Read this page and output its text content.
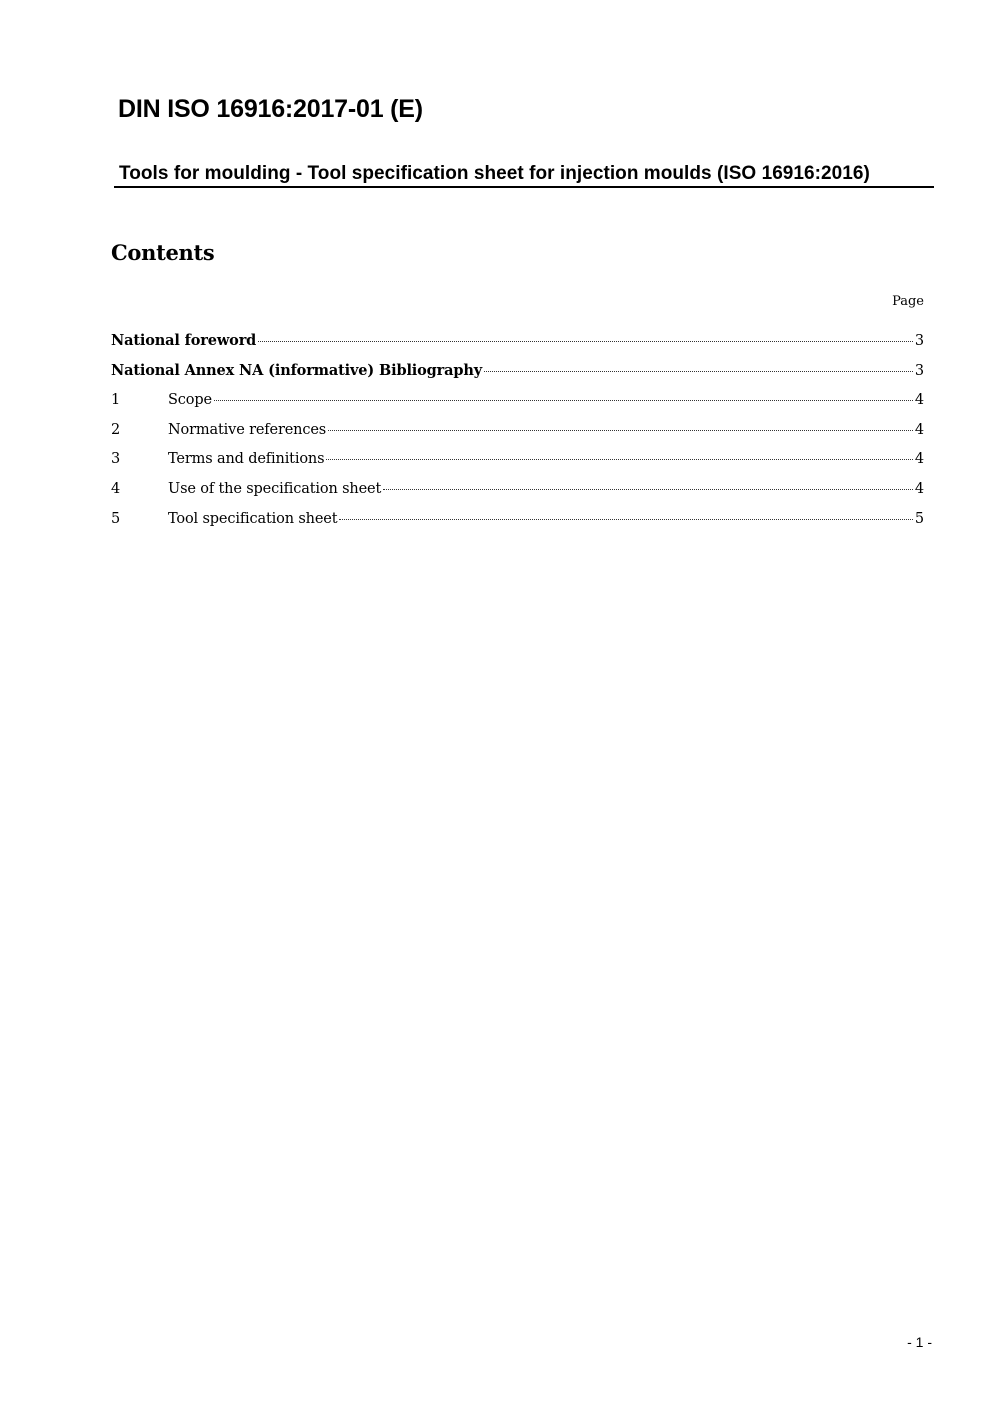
DIN ISO 16916:2017-01 (E)
Tools for moulding - Tool specification sheet for injection moulds (ISO 16916:2016)
Contents
Page
National foreword	3
National Annex NA (informative) Bibliography	3
1	Scope	4
2	Normative references	4
3	Terms and definitions	4
4	Use of the specification sheet	4
5	Tool specification sheet	5
- 1 -
